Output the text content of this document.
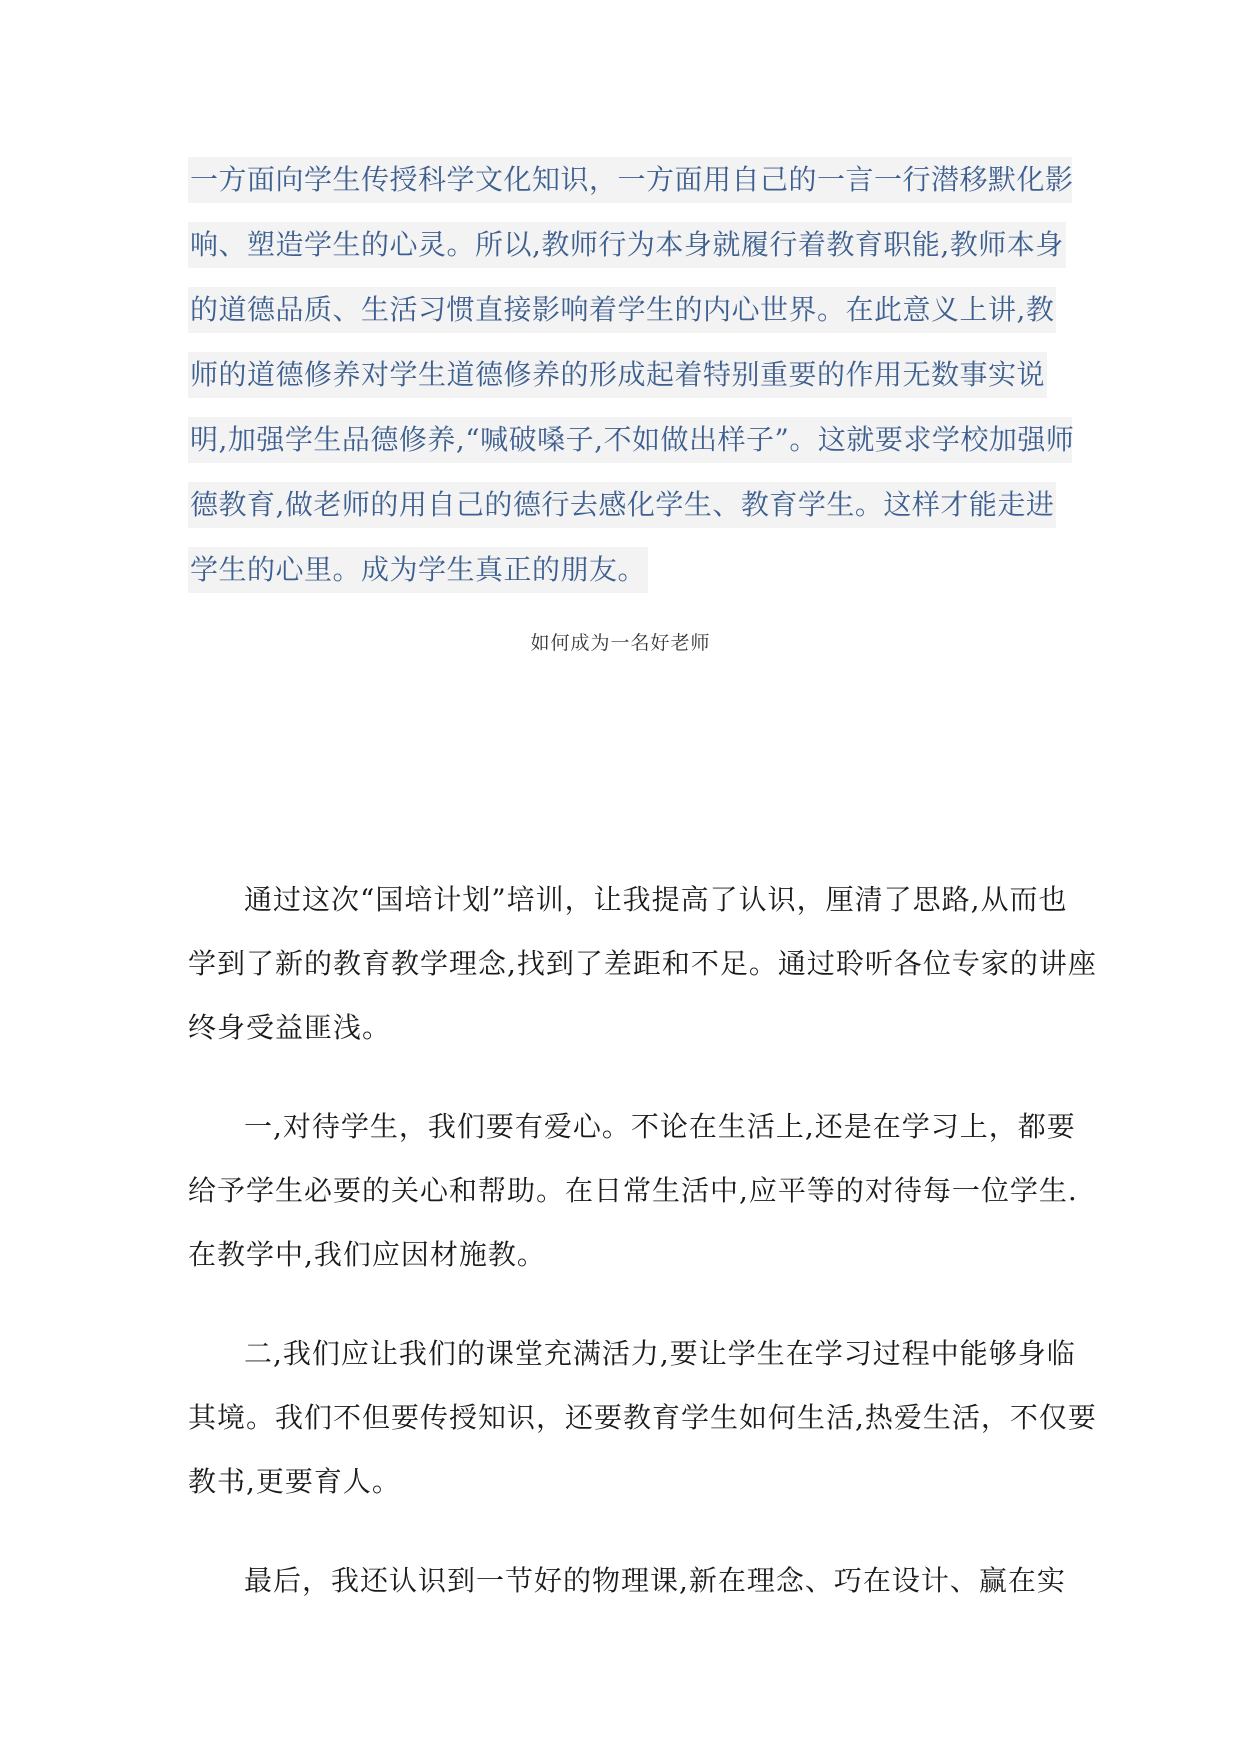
一方面向学生传授科学文化知识，一方面用自己的一言一行潜移默化影
响、塑造学生的心灵。所以,教师行为本身就履行着教育职能,教师本身
的道德品质、生活习惯直接影响着学生的内心世界。在此意义上讲,教
师的道德修养对学生道德修养的形成起着特别重要的作用无数事实说
明,加强学生品德修养,“喊破嗓子,不如做出样子”。这就要求学校加强师
德教育,做老师的用自己的德行去感化学生、教育学生。这样才能走进
学生的心里。成为学生真正的朋友。
如何成为一名好老师
通过这次“国培计划”培训，让我提高了认识，厘清了思路,从而也
学到了新的教育教学理念,找到了差距和不足。通过聆听各位专家的讲座
终身受益匪浅。
一,对待学生，我们要有爱心。不论在生活上,还是在学习上，都要
给予学生必要的关心和帮助。在日常生活中,应平等的对待每一位学生.
在教学中,我们应因材施教。
二,我们应让我们的课堂充满活力,要让学生在学习过程中能够身临
其境。我们不但要传授知识，还要教育学生如何生活,热爱生活，不仅要
教书,更要育人。
最后，我还认识到一节好的物理课,新在理念、巧在设计、赢在实
